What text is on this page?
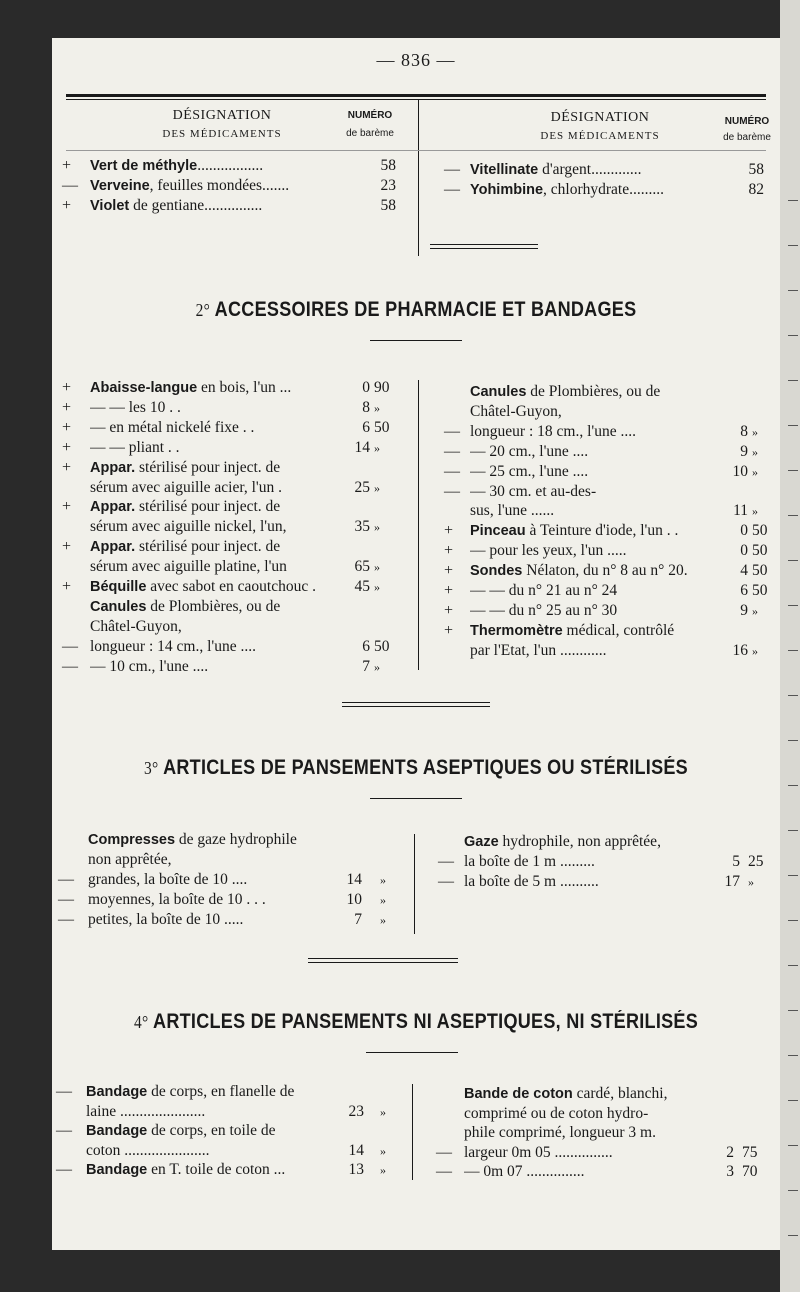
— 836 —
DÉSIGNATION
DES MÉDICAMENTS
NUMÉRO
de barème
DÉSIGNATION
DES MÉDICAMENTS
NUMÉRO
de barème
+ Vert de méthyle.................	58
— Verveine, feuilles mondées.......	23
+ Violet de gentiane...............	58
— Vitellinate d'argent.............	58
— Yohimbine, chlorhydrate.........	82
2° ACCESSOIRES DE PHARMACIE ET BANDAGES
+ Abaisse-langue en bois, l'un ...	0 90
+ — — les 10 . .	8 »
+ — en métal nickelé fixe . .	6 50
+ — — pliant . .	14 »
+ Appar. stérilisé pour inject. de
sérum avec aiguille acier, l'un .	25 »
+ Appar. stérilisé pour inject. de
sérum avec aiguille nickel, l'un,	35 »
+ Appar. stérilisé pour inject. de
sérum avec aiguille platine, l'un	65 »
+ Béquille avec sabot en caoutchouc .	45 »
Canules de Plombières, ou de
Châtel-Guyon,
— longueur : 14 cm., l'une ....	6 50
— — 10 cm., l'une ....	7 »
Canules de Plombières, ou de
Châtel-Guyon,
— longueur : 18 cm., l'une ....	8 »
— — 20 cm., l'une ....	9 »
— — 25 cm., l'une ....	10 »
— — 30 cm. et au-des-
sus, l'une ......	11 »
+ Pinceau à Teinture d'iode, l'un . .	0 50
+ — pour les yeux, l'un .....	0 50
+ Sondes Nélaton, du n° 8 au n° 20.	4 50
+ — — du n° 21 au n° 24	6 50
+ — — du n° 25 au n° 30	9 »
+ Thermomètre médical, contrôlé
par l'Etat, l'un ............	16 »
3° ARTICLES DE PANSEMENTS ASEPTIQUES OU STÉRILISÉS
Compresses de gaze hydrophile
non apprêtée,
— grandes, la boîte de 10 ....	14 »
— moyennes, la boîte de 10 . . .	10 »
— petites, la boîte de 10 .....	7 »
Gaze hydrophile, non apprêtée,
— la boîte de 1 m .........	5 25
— la boîte de 5 m ..........	17 »
4° ARTICLES DE PANSEMENTS NI ASEPTIQUES, NI STÉRILISÉS
— Bandage de corps, en flanelle de
laine ......................	23 »
— Bandage de corps, en toile de
coton ......................	14 »
— Bandage en T. toile de coton ...	13 »
Bande de coton cardé, blanchi,
comprimé ou de coton hydro-
phile comprimé, longueur 3 m.
— largeur 0m 05 ...............	2 75
— — 0m 07 ...............	3 70
